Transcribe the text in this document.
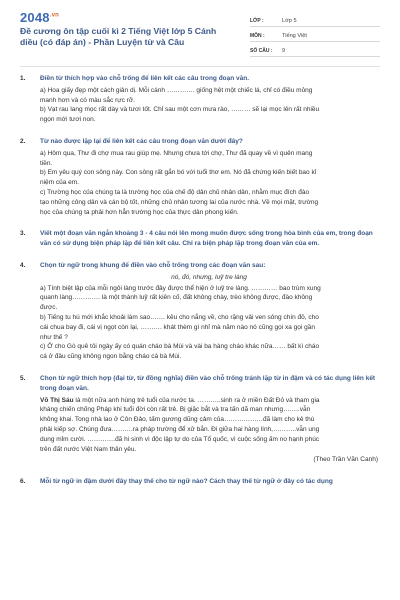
$2048^{.vn}$
Đề cương ôn tập cuối kì 2 Tiếng Việt lớp 5 Cánh diều (có đáp án) - Phần Luyện từ và Câu
LỚP :	Lớp 5
MÔN :	Tiếng Việt
SỐ CÂU :	9
1. Điền từ thích hợp vào chỗ trống để liên kết các câu trong đoạn văn.
a) Hoa giấy đẹp một cách giản dị. Mỗi cánh …………. giống hệt một chiếc lá, chỉ có điều mỏng
manh hơn và có màu sắc rực rỡ.
b) Vạt rau lang mọc rất dày và tươi tốt. Chỉ sau một cơn mưa rào, ……… sẽ lại mọc lên rất nhiều
ngọn mới tươi non.
2. Từ nào được lặp lại để liên kết các câu trong đoạn văn dưới đây?
a) Hôm qua, Thư đi chợ mua rau giúp mẹ. Nhưng chưa tới chợ, Thư đã quay về vì quên mang
tiền.
b) Em yêu quý con sông này. Con sông rất gắn bó với tuổi thơ em. Nó đã chứng kiến biết bao kỉ
niệm của em.
c) Trường học của chúng ta là trường học của chế độ dân chủ nhân dân, nhằm mục đích đào
tạo những công dân và cán bộ tốt, những chủ nhân tương lai của nước nhà. Về mọi mặt, trường
học của chúng ta phải hơn hẳn trường học của thực dân phong kiến.
3. Viết một đoạn văn ngắn khoảng 3 - 4 câu nói lên mong muốn được sống trong hòa bình của em, trong đoạn văn có sử dụng biện pháp lặp để liên kết câu. Chỉ ra biện pháp lặp trong đoạn văn của em.
4. Chọn từ ngữ trong khung để điền vào chỗ trống trong các đoạn văn sau:
nó, đó, nhưng, luỹ tre làng
a) Tính biệt lập của mỗi ngôi làng trước đây được thể hiện ở luỹ tre làng. ………… bao trùm xung
quanh làng…………. là một thành luỹ rất kiên cố, đất không chày, trèo không được, đào không
được.
b) Tiếng tu hú mới khắc khoải làm sao……. kêu cho nắng về, cho rặng vải ven sông chín đỏ, cho
cái chua bay đi, cái vị ngọt còn lại, ………. khát thèm gì nhỉ mà năm nào nó cũng gọi xa gọi gần
như thế ?
c) Ở cho Gò quê tôi ngày ấy có quán cháo bà Mùi và vài ba hàng cháo khác nữa…… bất kì cháo
cá ở đâu cũng không ngon bằng cháo cá bà Mùi.
5. Chọn từ ngữ thích hợp (đại từ, từ đồng nghĩa) điền vào chỗ trống tránh lặp từ in đậm và có tác dụng liên kết trong đoạn văn.
Võ Thị Sáu là một nữa anh hùng trẻ tuổi của nước ta. ………..sinh ra ở miền Đất Đỏ và tham gia
kháng chiến chống Pháp khi tuổi đời còn rất trẻ. Bị giặc bắt và tra tấn dã man nhưng……..vẫn
không khai. Tong nhà lao ở Côn Đảo, tấm gương dũng cảm của………………đã làm cho kẻ thù
phải kiếp sợ. Chúng đưa……….ra pháp trường để xử bắn. Đi giữa hai hàng lính,………..vẫn ung
dung mỉm cười. ………….đã hi sinh vì độc lập tự do của Tổ quốc, vì cuộc sống ấm no hạnh phúc
trên đất nước Việt Nam thân yêu.
(Theo Trần Văn Canh)
6. Mỗi từ ngữ in đậm dưới đây thay thế cho từ ngữ nào? Cách thay thế từ ngữ ở đây có tác dụng
